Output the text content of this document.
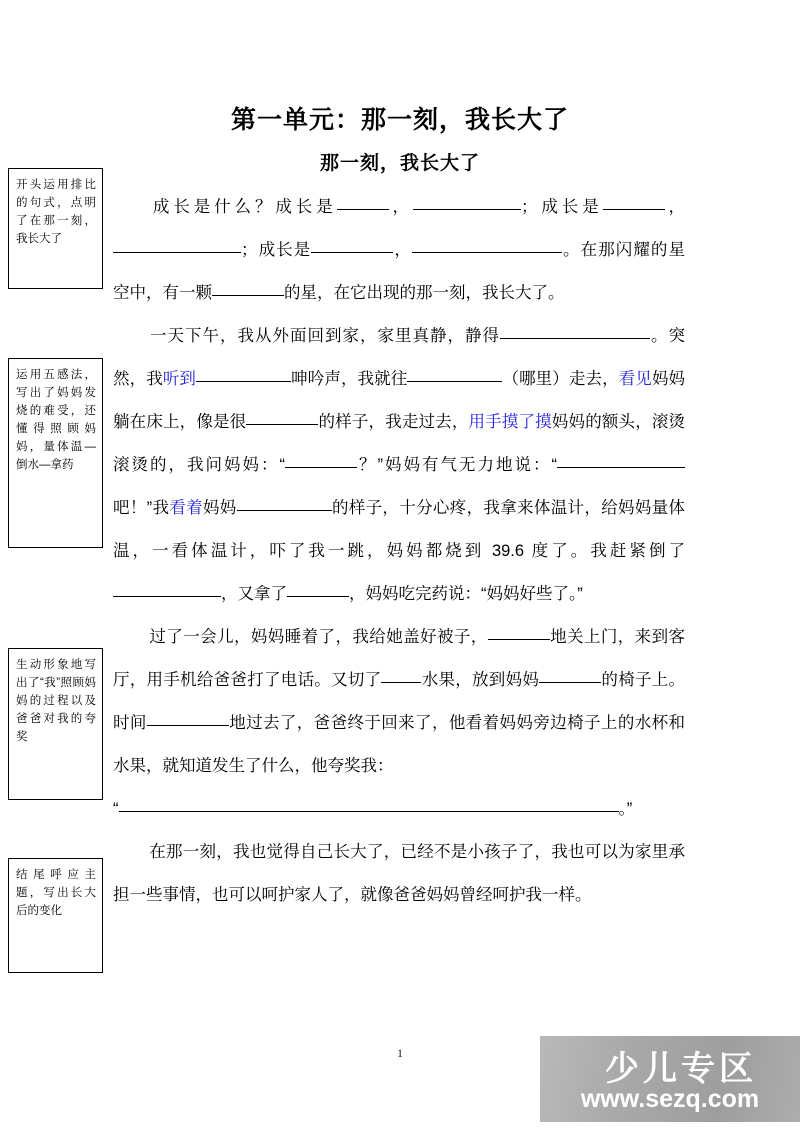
第一单元：那一刻，我长大了
那一刻，我长大了
开头运用排比的句式，点明了在那一刻，我长大了
运用五感法，写出了妈妈发烧的难受，还懂得照顾妈妈，量体温—倒水—拿药
生动形象地写出了“我”照顾妈妈的过程以及爸爸对我的夸奖
结尾呼应主题，写出长大后的变化

成长是什么？成长是	，	；成长是	，；成长是	，	。在那闪耀的星空中，有一颗	的星，在它出现的那一刻，我长大了。

一天下午，我从外面回到家，家里真静，静得	。突然，我听到	呻吟声，我就往	（哪里）走去，看见妈妈躺在床上，像是很	的样子，我走过去，用手摸了摸妈妈的额头，滚烫滚烫的，我问妈妈：“	？”妈妈有气无力地说：“吧！”我看着妈妈	的样子，十分心疼，我拿来体温计，给妈妈量体温，一看体温计，吓了我一跳，妈妈都烧到 39.6 度了。我赶紧倒了，又拿了	，妈妈吃完药说：“妈妈好些了。”

过了一会儿，妈妈睡着了，我给她盖好被子，	地关上门，来到客厅，用手机给爸爸打了电话。又切了 水果，放到妈妈	的椅子上。时间	地过去了，爸爸终于回来了，他看着妈妈旁边椅子上的水杯和水果，就知道发生了什么，他夸奖我：

“	。”

在那一刻，我也觉得自己长大了，已经不是小孩子了，我也可以为家里承担一些事情，也可以呵护家人了，就像爸爸妈妈曾经呵护我一样。

1	少儿专区
www.sezq.com
